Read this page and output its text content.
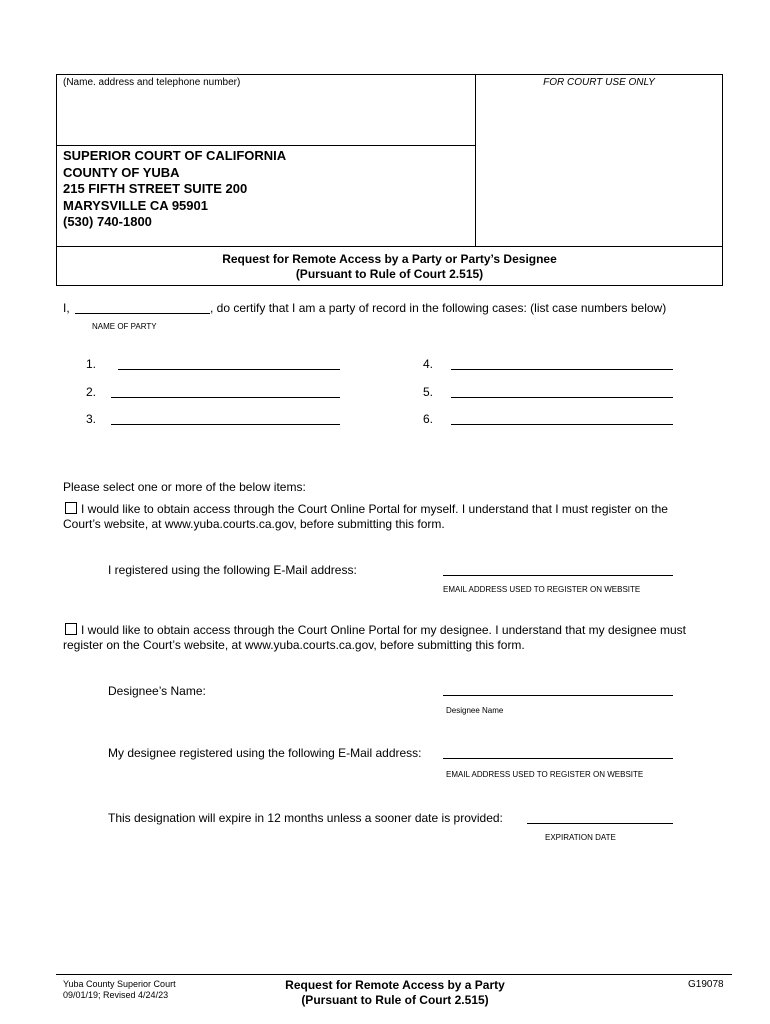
(Name. address and telephone number)
SUPERIOR COURT OF CALIFORNIA
COUNTY OF YUBA
215 FIFTH STREET SUITE 200
MARYSVILLE CA 95901
(530) 740-1800
FOR COURT USE ONLY
Request for Remote Access by a Party or Party’s Designee
(Pursuant to Rule of Court 2.515)
I,	, do certify that I am a party of record in the following cases: (list case numbers below)
NAME OF PARTY
1.
2.
3.
4.
5.
6.
Please select one or more of the below items:
I would like to obtain access through the Court Online Portal for myself. I understand that I must register on the
Court’s website, at www.yuba.courts.ca.gov, before submitting this form.
I registered using the following E-Mail address:
EMAIL ADDRESS USED TO REGISTER ON WEBSITE
I would like to obtain access through the Court Online Portal for my designee. I understand that my designee must
register on the Court’s website, at www.yuba.courts.ca.gov, before submitting this form.
Designee’s Name:
Designee Name
My designee registered using the following E-Mail address:
EMAIL ADDRESS USED TO REGISTER ON WEBSITE
This designation will expire in 12 months unless a sooner date is provided:
EXPIRATION DATE
Yuba County Superior Court
09/01/19; Revised 4/24/23
Request for Remote Access by a Party
(Pursuant to Rule of Court 2.515)
G19078
